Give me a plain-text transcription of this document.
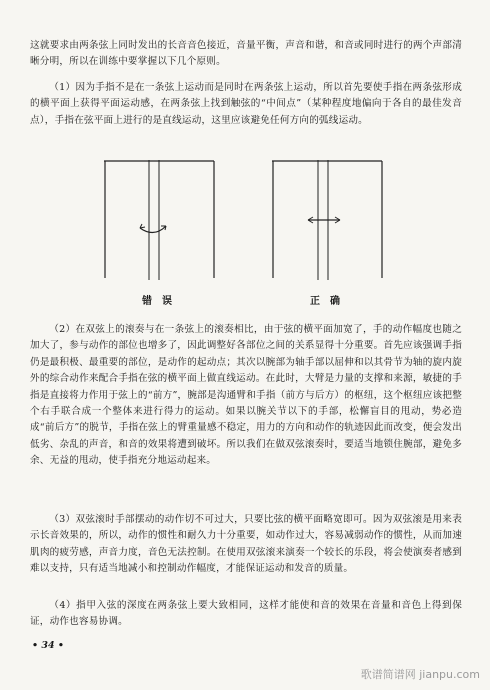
这就要求由两条弦上同时发出的长音音色接近，音量平衡，声音和谐，和音或同时进行的两个声部清晰分明，所以在训练中要掌握以下几个原则。

（1）因为手指不是在一条弦上运动而是同时在两条弦上运动，所以首先要使手指在两条弦形成的横平面上获得平面运动感，在两条弦上找到触弦的“中间点”（某种程度地偏向于各自的最佳发音点），手指在弦平面上进行的是直线运动，这里应该避免任何方向的弧线运动。

错误	正确

（2）在双弦上的滚奏与在一条弦上的滚奏相比，由于弦的横平面加宽了，手的动作幅度也随之加大了，参与动作的部位也增多了，因此调整好各部位之间的关系显得十分重要。首先应该强调手指仍是最积极、最重要的部位，是动作的起动点；其次以腕部为轴手部以屈伸和以其骨节为轴的旋内旋外的综合动作来配合手指在弦的横平面上做直线运动。在此时，大臂是力量的支撑和来源，敏捷的手指是直接将力作用于弦上的“前方”，腕部是沟通臂和手指（前方与后方）的枢纽，这个枢纽应该把整个右手联合成一个整体来进行得力的运动。如果以腕关节以下的手部，松懈盲目的甩动，势必造成“前后方”的脱节，手指在弦上的臂重量感不稳定，用力的方向和动作的轨迹因此而改变，便会发出低劣、杂乱的声音，和音的效果将遭到破坏。所以我们在做双弦滚奏时，要适当地锁住腕部，避免多余、无益的甩动，使手指充分地运动起来。

（3）双弦滚时手部摆动的动作切不可过大，只要比弦的横平面略宽即可。因为双弦滚是用来表示长音效果的，所以，动作的惯性和耐久力十分重要，如动作过大，容易减弱动作的惯性，从而加速肌肉的疲劳感，声音力度，音色无法控制。在使用双弦滚来演奏一个较长的乐段，将会使演奏者感到难以支持，只有适当地减小和控制动作幅度，才能保证运动和发音的质量。

（4）指甲入弦的深度在两条弦上要大致相同，这样才能使和音的效果在音量和音色上得到保证，动作也容易协调。

• 34 •
歌谱简谱网 jianpu.com
